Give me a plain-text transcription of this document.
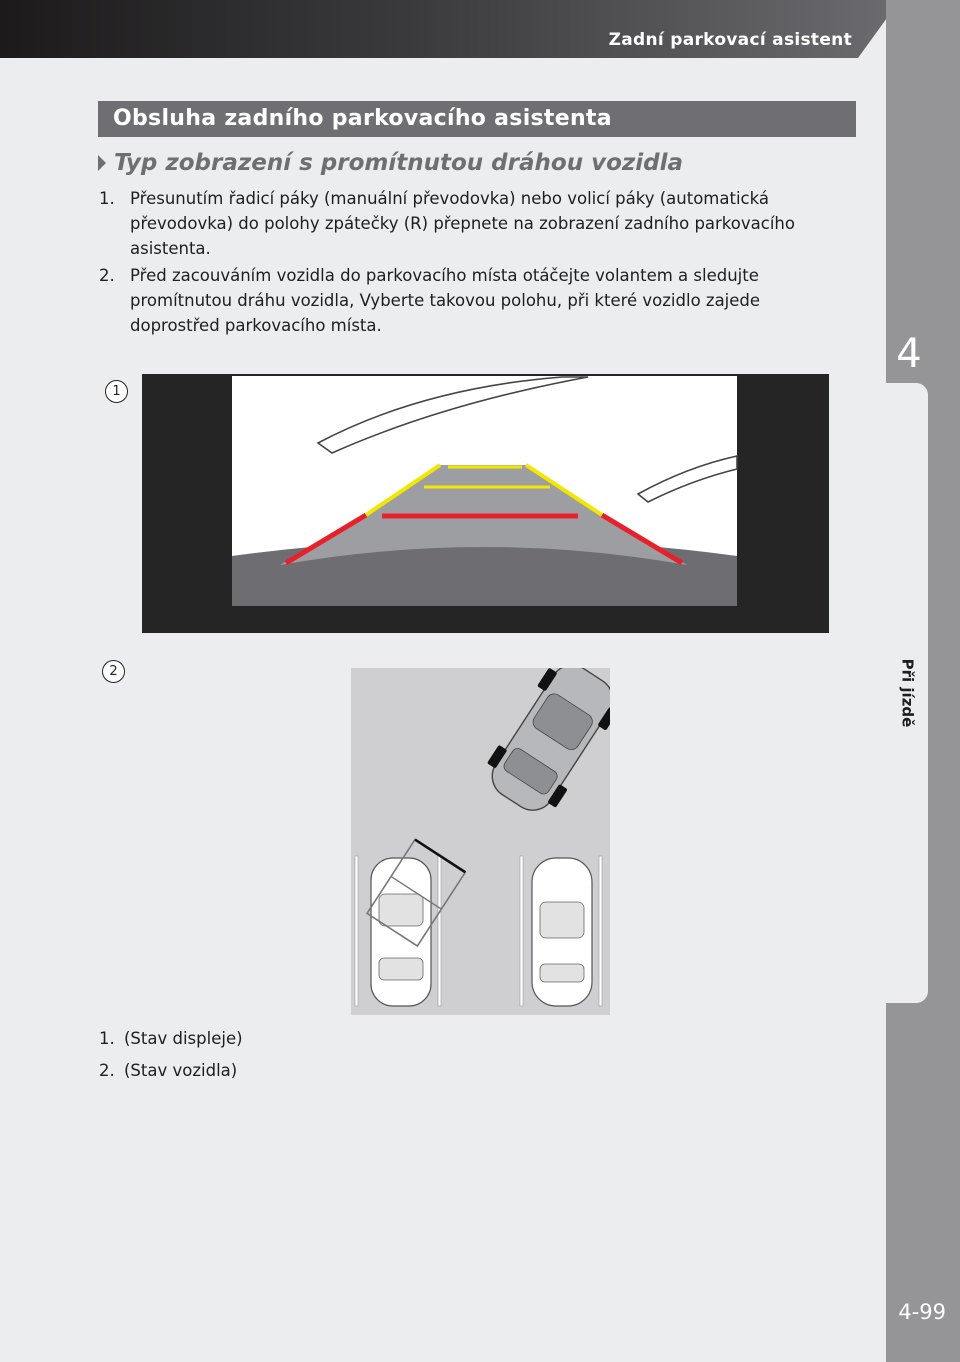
Zadní parkovací asistent
4
Při jízdě
4-99
Obsluha zadního parkovacího asistenta
Typ zobrazení s promítnutou dráhou vozidla
1. Přesunutím řadicí páky (manuální převodovka) nebo volicí páky (automatická převodovka) do polohy zpátečky (R) přepnete na zobrazení zadního parkovacího asistenta.
2. Před zacouváním vozidla do parkovacího místa otáčejte volantem a sledujte promítnutou dráhu vozidla, Vyberte takovou polohu, při které vozidlo zajede doprostřed parkovacího místa.
1
2
1. (Stav displeje)
2. (Stav vozidla)
